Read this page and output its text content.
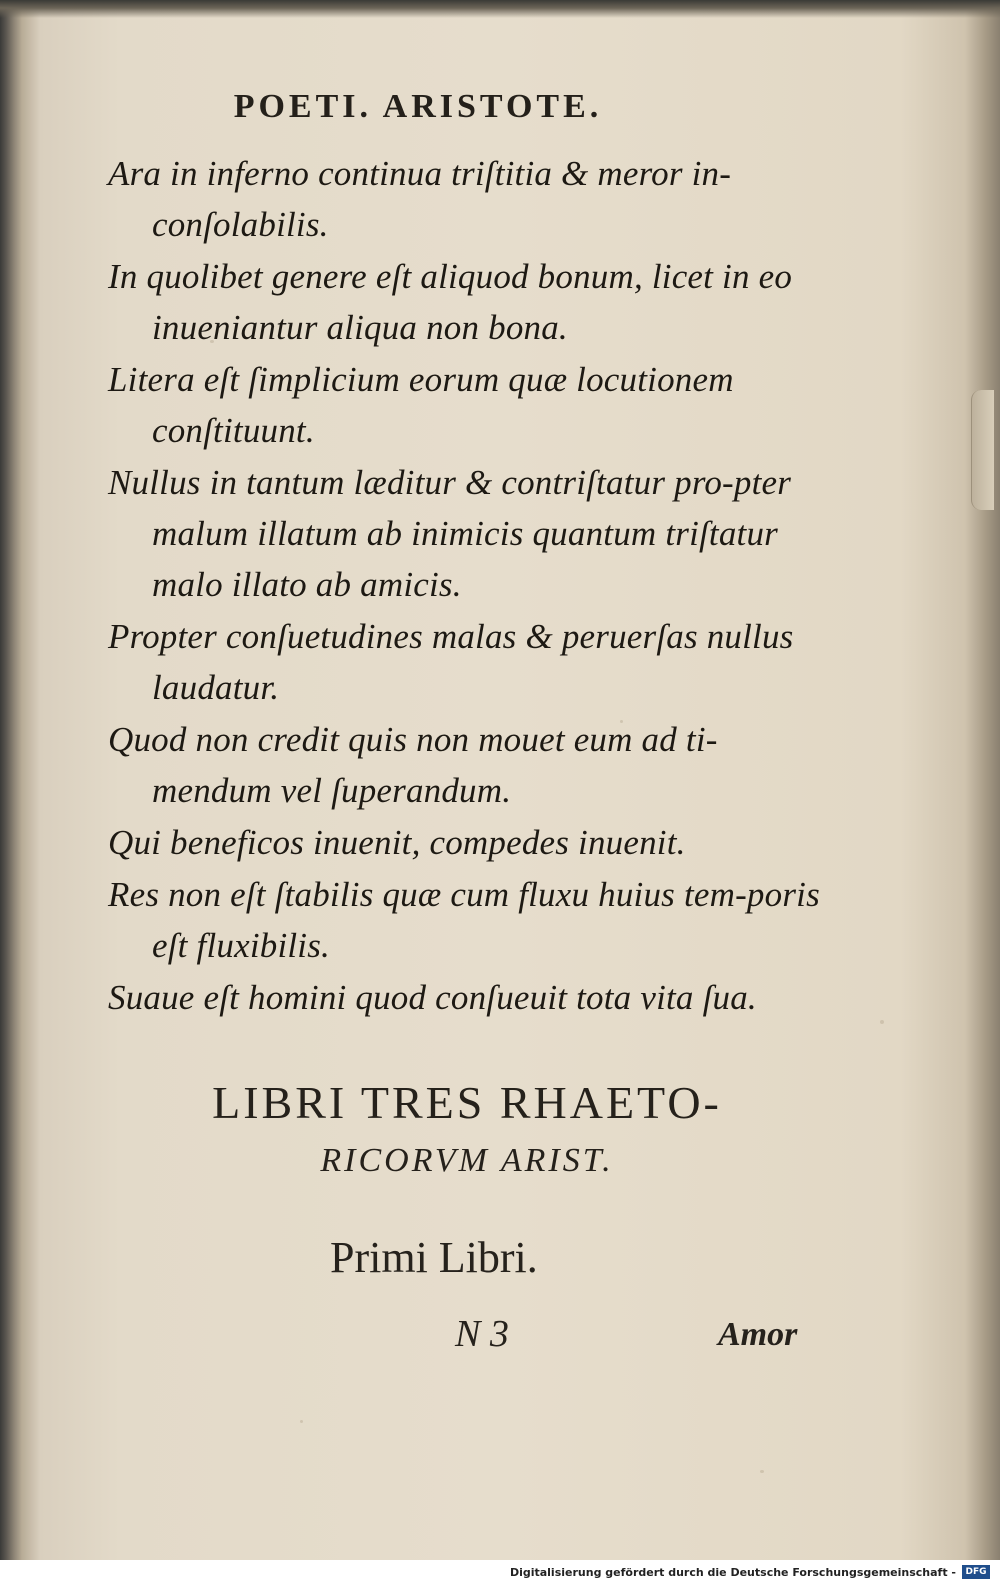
POETI. ARISTOTE.
Ara in inferno continua triſtitia & meror in-conſolabilis.
In quolibet genere eſt aliquod bonum, licet in eo inueniantur aliqua non bona.
Litera eſt ſimplicium eorum quæ locutionem conſtituunt.
Nullus in tantum læditur & contriſtatur pro-pter malum illatum ab inimicis quantum triſtatur malo illato ab amicis.
Propter conſuetudines malas & peruerſas nullus laudatur.
Quod non credit quis non mouet eum ad ti-mendum vel ſuperandum.
Qui beneficos inuenit, compedes inuenit.
Res non eſt ſtabilis quæ cum fluxu huius tem-poris eſt fluxibilis.
Suaue eſt homini quod conſueuit tota vita ſua.
LIBRI TRES RHAETO-
RICORVM ARIST.
Primi Libri.
N 3	Amor
Digitalisierung gefördert durch die Deutsche Forschungsgemeinschaft -	DFG
